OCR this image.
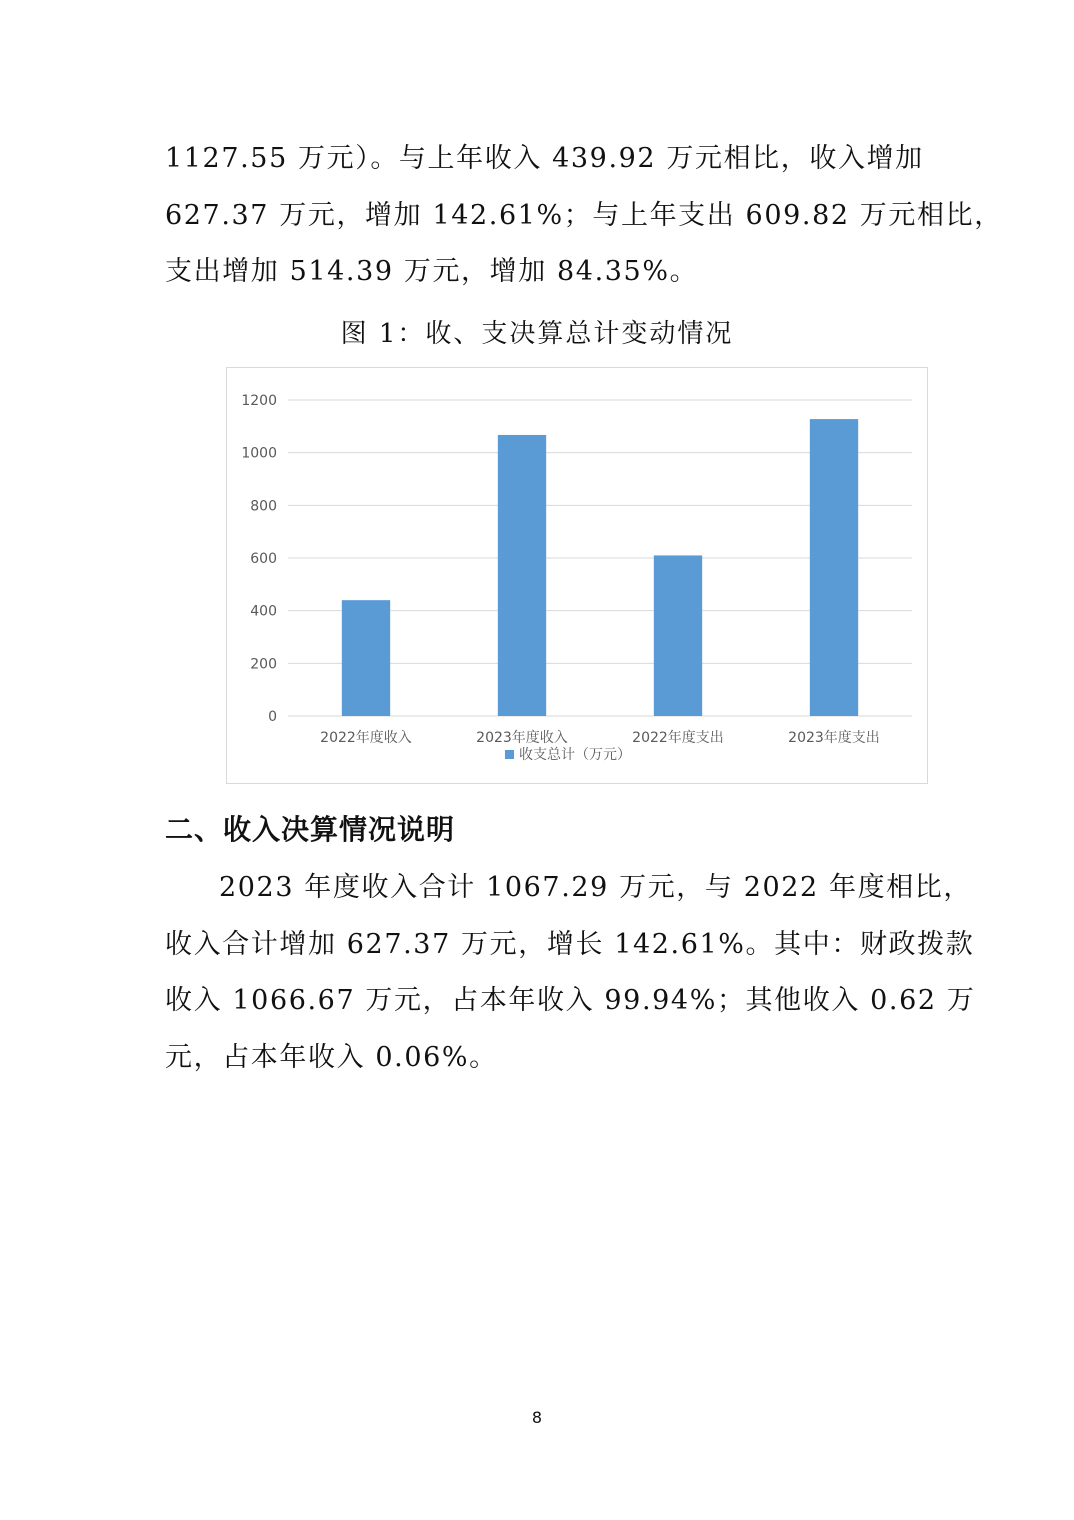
1127.55 万元）。与上年收入 439.92 万元相比，收入增加
627.37 万元，增加 142.61%；与上年支出 609.82 万元相比，
支出增加 514.39 万元，增加 84.35%。
图 1：收、支决算总计变动情况
0
200
400
600
800
1000
1200
2022年度收入	2023年度收入	2022年度支出	2023年度支出
收支总计（万元）
二、收入决算情况说明
2023 年度收入合计 1067.29 万元，与 2022 年度相比，
收入合计增加 627.37 万元，增长 142.61%。其中：财政拨款
收入 1066.67 万元，占本年收入 99.94%；其他收入 0.62 万
元，占本年收入 0.06%。
8
